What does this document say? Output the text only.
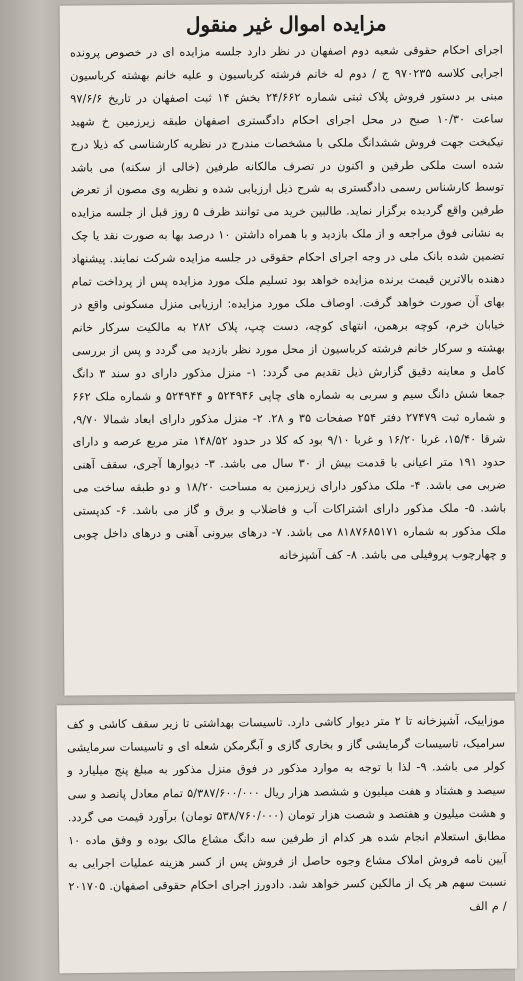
مزایده اموال غیر منقول

اجرای احکام حقوقی شعبه دوم اصفهان در نظر دارد جلسه مزایده ای در خصوص پرونده اجرایی کلاسه ۹۷۰۲۳۵ ج / دوم له خانم فرشته کرباسیون و علیه خانم بهشته کرباسیون مبنی بر دستور فروش پلاک ثبتی شماره ۲۴/۶۶۲ بخش ۱۴ ثبت اصفهان در تاریخ ۹۷/۶/۶ ساعت ۱۰/۳۰ صبح در محل اجرای احکام دادگستری اصفهان طبقه زیرزمین خ شهید نیکبخت جهت فروش ششدانگ ملکی با مشخصات مندرج در نظریه کارشناسی که ذیلا درج شده است ملکی طرفین و اکنون در تصرف مالکانه طرفین (خالی از سکنه) می باشد توسط کارشناس رسمی دادگستری به شرح ذیل ارزیابی شده و نظریه وی مصون از تعرض طرفین واقع گردیده برگزار نماید. طالبین خرید می توانند ظرف ۵ روز قبل از جلسه مزایده به نشانی فوق مراجعه و از ملک بازدید و با همراه داشتن ۱۰ درصد بها به صورت نقد یا چک تضمین شده بانک ملی در وجه اجرای احکام حقوقی در جلسه مزایده شرکت نمایند. پیشنهاد دهنده بالاترین قیمت برنده مزایده خواهد بود تسلیم ملک مورد مزایده پس از پرداخت تمام بهای آن صورت خواهد گرفت. اوصاف ملک مورد مزایده: ارزیابی منزل مسکونی واقع در خیابان خرم، کوچه برهمن، انتهای کوچه، دست چپ، پلاک ۲۸۲ به مالکیت سرکار خانم بهشته و سرکار خانم فرشته کرباسیون از محل مورد نظر بازدید می گردد و پس از بررسی کامل و معاینه دقیق گزارش ذیل تقدیم می گردد: ۱- منزل مذکور دارای دو سند ۳ دانگ جمعا شش دانگ سیم و سربی به شماره های چاپی ۵۲۴۹۴۶ و ۵۲۴۹۴۴ و شماره ملک ۶۶۲ و شماره ثبت ۲۷۴۷۹ دفتر ۲۵۴ صفحات ۳۵ و ۲۸. ۲- منزل مذکور دارای ابعاد شمالا ۹/۷۰، شرقا ۱۵/۴۰، غربا ۱۶/۲۰ و غربا ۹/۱۰ بود که کلا در حدود ۱۴۸/۵۲ متر مربع عرصه و دارای حدود ۱۹۱ متر اعیانی با قدمت بیش از ۳۰ سال می باشد. ۳- دیوارها آجری، سقف آهنی ضربی می باشد. ۴- ملک مذکور دارای زیرزمین به مساحت ۱۸/۲۰ و دو طبقه ساخت می باشد. ۵- ملک مذکور دارای اشتراکات آب و فاضلاب و برق و گاز می باشد. ۶- کدپستی ملک مذکور به شماره ۸۱۸۷۶۸۵۱۷۱ می باشد. ۷- درهای بیرونی آهنی و درهای داخل چوبی و چهارچوب پروفیلی می باشد. ۸- کف آشپزخانه

موزاییک، آشپزخانه تا ۲ متر دیوار کاشی دارد. تاسیسات بهداشتی تا زیر سقف کاشی و کف سرامیک، تاسیسات گرمایشی گاز و بخاری گازی و آبگرمکن شعله ای و تاسیسات سرمایشی کولر می باشد. ۹- لذا با توجه به موارد مذکور در فوق منزل مذکور به مبلغ پنج میلیارد و سیصد و هشتاد و هفت میلیون و ششصد هزار ریال ۵/۳۸۷/۶۰۰/۰۰۰ تمام معادل پانصد و سی و هشت میلیون و هفتصد و شصت هزار تومان (۵۳۸/۷۶۰/۰۰۰ تومان) برآورد قیمت می گردد. مطابق استعلام انجام شده هر کدام از طرفین سه دانگ مشاع مالک بوده و وفق ماده ۱۰ آیین نامه فروش املاک مشاع وجوه حاصل از فروش پس از کسر هزینه عملیات اجرایی به نسبت سهم هر یک از مالکین کسر خواهد شد. دادورز اجرای احکام حقوقی اصفهان. ۲۰۱۷۰۵ / م الف
